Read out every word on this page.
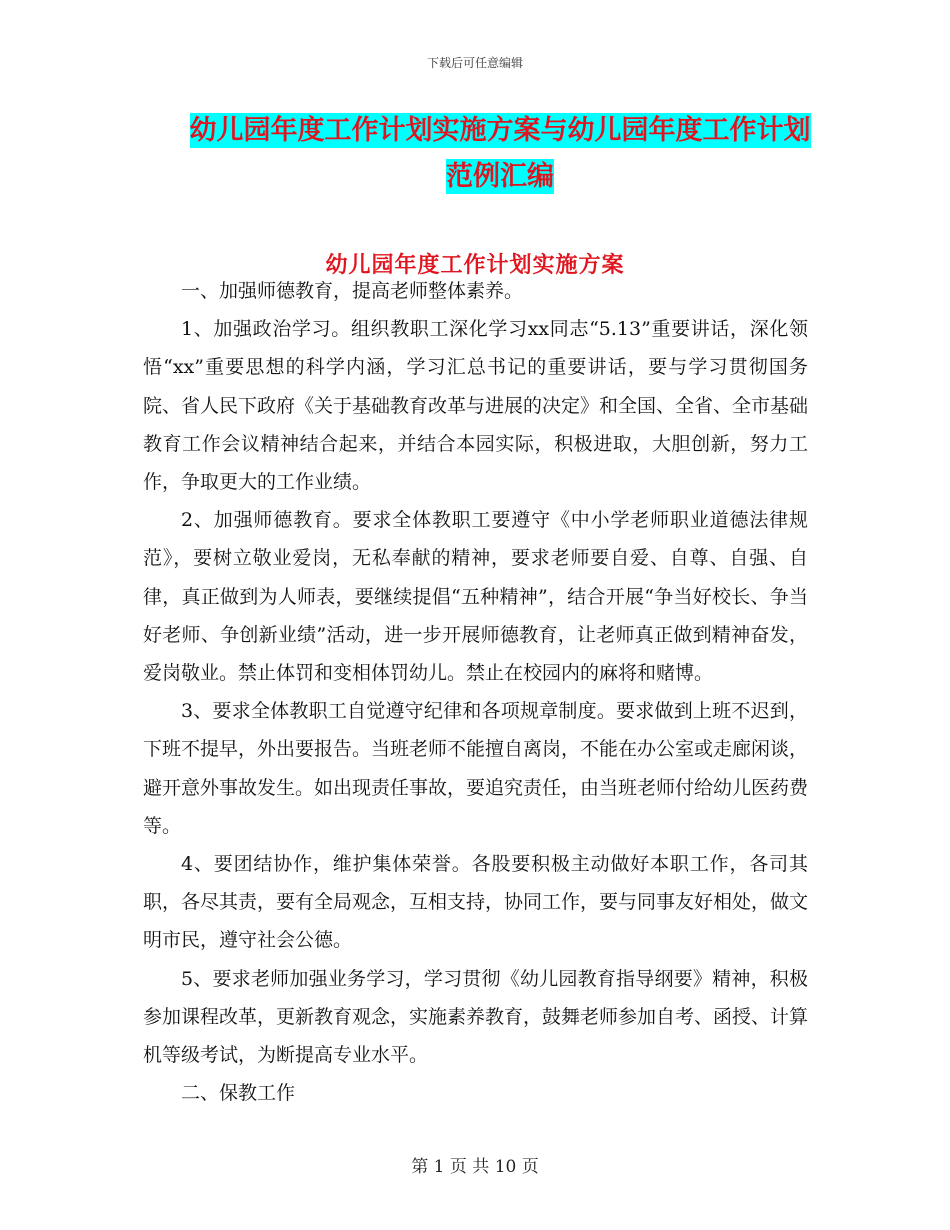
下载后可任意编辑
幼儿园年度工作计划实施方案与幼儿园年度工作计划
范例汇编
幼儿园年度工作计划实施方案

一、加强师德教育，提高老师整体素养。

1、加强政治学习。组织教职工深化学习xx同志“5.13”重要讲话，深化领悟“xx”重要思想的科学内涵，学习汇总书记的重要讲话，要与学习贯彻国务院、省人民下政府《关于基础教育改革与进展的决定》和全国、全省、全市基础教育工作会议精神结合起来，并结合本园实际，积极进取，大胆创新，努力工作，争取更大的工作业绩。

2、加强师德教育。要求全体教职工要遵守《中小学老师职业道德法律规范》，要树立敬业爱岗，无私奉献的精神，要求老师要自爱、自尊、自强、自律，真正做到为人师表，要继续提倡“五种精神”，结合开展“争当好校长、争当好老师、争创新业绩”活动，进一步开展师德教育，让老师真正做到精神奋发，爱岗敬业。禁止体罚和变相体罚幼儿。禁止在校园内的麻将和赌博。

3、要求全体教职工自觉遵守纪律和各项规章制度。要求做到上班不迟到，下班不提早，外出要报告。当班老师不能擅自离岗，不能在办公室或走廊闲谈，避开意外事故发生。如出现责任事故，要追究责任，由当班老师付给幼儿医药费等。

4、要团结协作，维护集体荣誉。各股要积极主动做好本职工作，各司其职，各尽其责，要有全局观念，互相支持，协同工作，要与同事友好相处，做文明市民，遵守社会公德。

5、要求老师加强业务学习，学习贯彻《幼儿园教育指导纲要》精神，积极参加课程改革，更新教育观念，实施素养教育，鼓舞老师参加自考、函授、计算机等级考试，为断提高专业水平。

二、保教工作

第 1 页 共 10 页
